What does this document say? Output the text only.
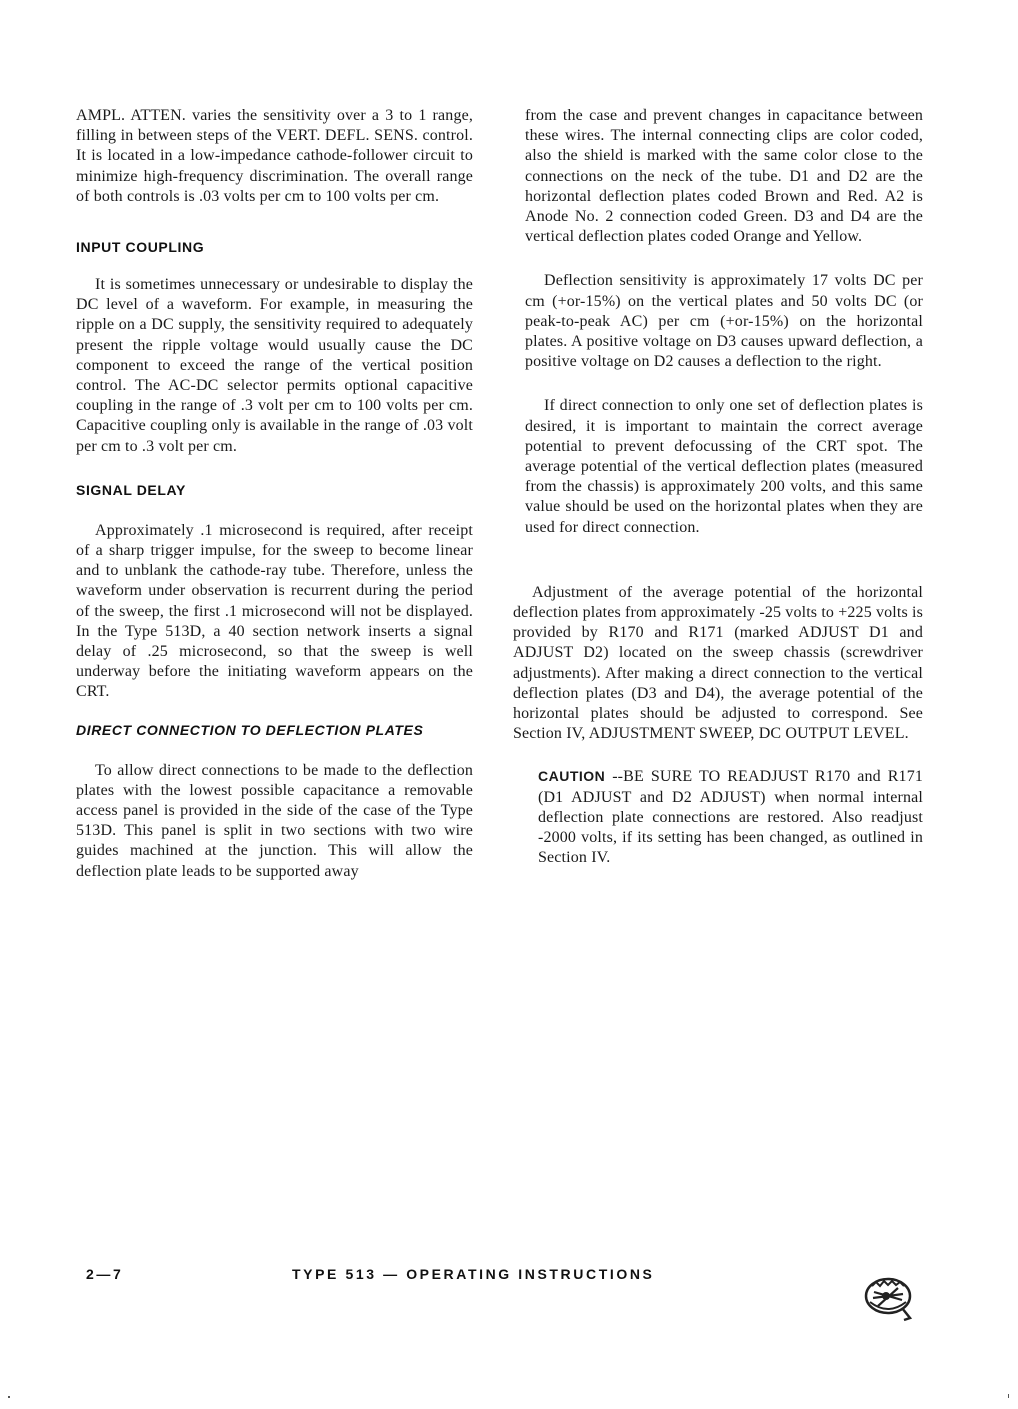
AMPL. ATTEN. varies the sensitivity over a 3 to 1 range, filling in between steps of the VERT. DEFL. SENS. control. It is located in a low-impedance cathode-follower circuit to minimize high-frequency discrimination. The overall range of both controls is .03 volts per cm to 100 volts per cm.

INPUT COUPLING

It is sometimes unnecessary or undesirable to display the DC level of a waveform. For example, in measuring the ripple on a DC supply, the sensitivity required to adequately present the ripple voltage would usually cause the DC component to exceed the range of the vertical position control. The AC-DC selector permits optional capacitive coupling in the range of .3 volt per cm to 100 volts per cm. Capacitive coupling only is available in the range of .03 volt per cm to .3 volt per cm.

SIGNAL DELAY

Approximately .1 microsecond is required, after receipt of a sharp trigger impulse, for the sweep to become linear and to unblank the cathode-ray tube. Therefore, unless the waveform under observation is recurrent during the period of the sweep, the first .1 microsecond will not be displayed. In the Type 513D, a 40 section network inserts a signal delay of .25 microsecond, so that the sweep is well underway before the initiating waveform appears on the CRT.

DIRECT CONNECTION TO DEFLECTION PLATES

To allow direct connections to be made to the deflection plates with the lowest possible capacitance a removable access panel is provided in the side of the case of the Type 513D. This panel is split in two sections with two wire guides machined at the junction. This will allow the deflection plate leads to be supported away

from the case and prevent changes in capacitance between these wires. The internal connecting clips are color coded, also the shield is marked with the same color close to the connections on the neck of the tube. D1 and D2 are the horizontal deflection plates coded Brown and Red. A2 is Anode No. 2 connection coded Green. D3 and D4 are the vertical deflection plates coded Orange and Yellow.

Deflection sensitivity is approximately 17 volts DC per cm (+or-15%) on the vertical plates and 50 volts DC (or peak-to-peak AC) per cm (+or-15%) on the horizontal plates. A positive voltage on D3 causes upward deflection, a positive voltage on D2 causes a deflection to the right.

If direct connection to only one set of deflection plates is desired, it is important to maintain the correct average potential to prevent defocussing of the CRT spot. The average potential of the vertical deflection plates (measured from the chassis) is approximately 200 volts, and this same value should be used on the horizontal plates when they are used for direct connection.

Adjustment of the average potential of the horizontal deflection plates from approximately -25 volts to +225 volts is provided by R170 and R171 (marked ADJUST D1 and ADJUST D2) located on the sweep chassis (screwdriver adjustments). After making a direct connection to the vertical deflection plates (D3 and D4), the average potential of the horizontal plates should be adjusted to correspond. See Section IV, ADJUSTMENT SWEEP, DC OUTPUT LEVEL.

CAUTION --BE SURE TO READJUST R170 and R171 (D1 ADJUST and D2 ADJUST) when normal internal deflection plate connections are restored. Also readjust -2000 volts, if its setting has been changed, as outlined in Section IV.

2—7	TYPE 513 — OPERATING INSTRUCTIONS
